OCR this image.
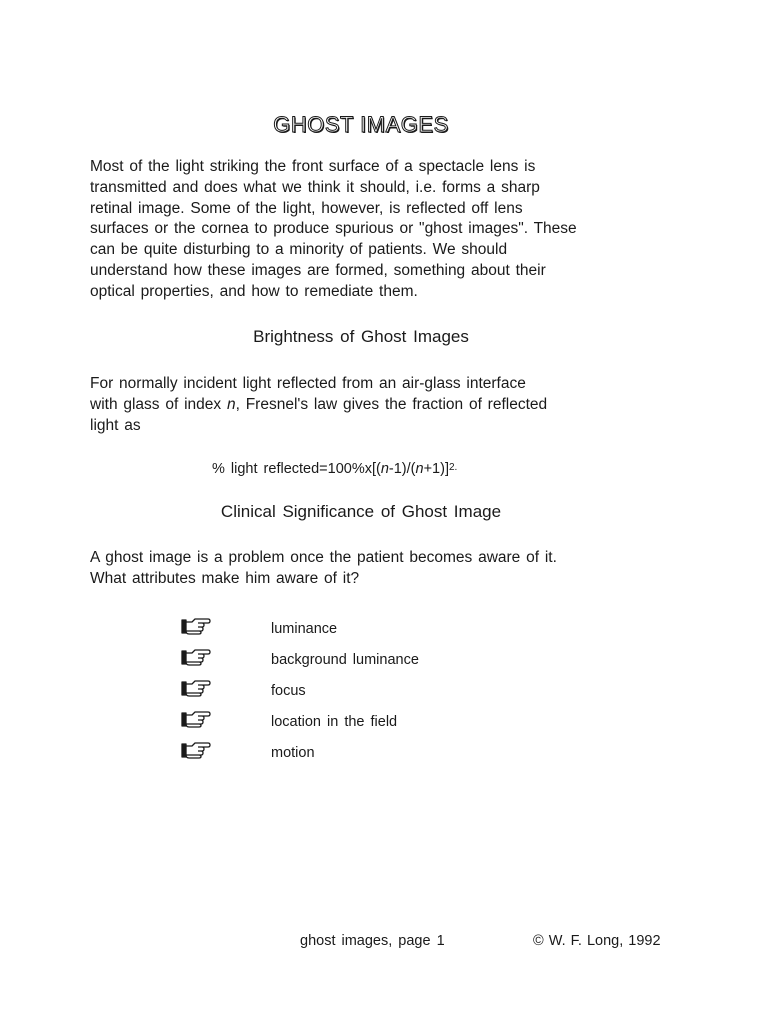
GHOST IMAGES
Most of the light striking the front surface of a spectacle lens is
transmitted and does what we think it should, i.e. forms a sharp
retinal image. Some of the light, however, is reflected off lens
surfaces or the cornea to produce spurious or "ghost images". These
can be quite disturbing to a minority of patients. We should
understand how these images are formed, something about their
optical properties, and how to remediate them.
Brightness of Ghost Images
For normally incident light reflected from an air-glass interface
with glass of index n, Fresnel's law gives the fraction of reflected
light as
% light $reflected=100\%x[(n-1)/(n+1)]^{2.}$
Clinical Significance of Ghost Image
A ghost image is a problem once the patient becomes aware of it.
What attributes make him aware of it?
luminance
background luminance
focus
location in the field
motion
ghost images, page 1	© W. F. Long, 1992
